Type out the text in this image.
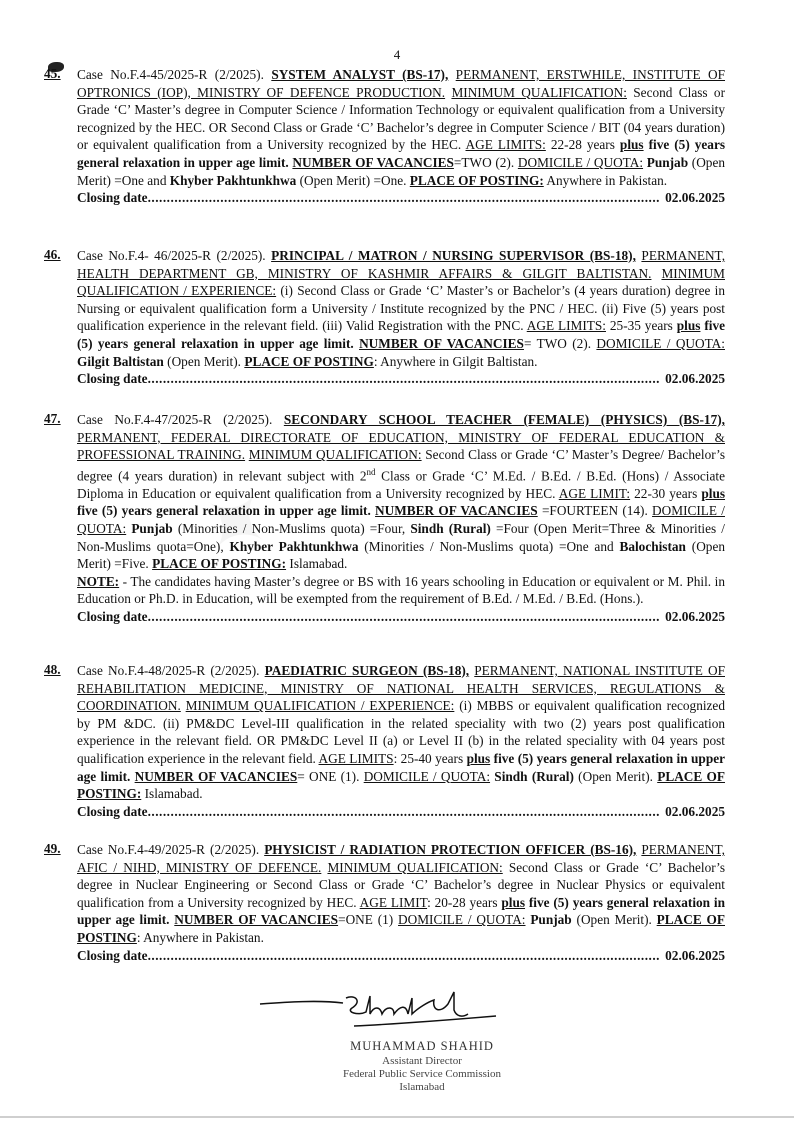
4
45. Case No.F.4-45/2025-R (2/2025). SYSTEM ANALYST (BS-17), PERMANENT, ERSTWHILE, INSTITUTE OF OPTRONICS (IOP), MINISTRY OF DEFENCE PRODUCTION. MINIMUM QUALIFICATION: Second Class or Grade ‘C’ Master’s degree in Computer Science / Information Technology or equivalent qualification from a University recognized by the HEC. OR Second Class or Grade ‘C’ Bachelor’s degree in Computer Science / BIT (04 years duration) or equivalent qualification from a University recognized by the HEC. AGE LIMITS: 22-28 years plus five (5) years general relaxation in upper age limit. NUMBER OF VACANCIES=TWO (2). DOMICILE / QUOTA: Punjab (Open Merit) =One and Khyber Pakhtunkhwa (Open Merit) =One. PLACE OF POSTING: Anywhere in Pakistan.
Closing date .....	02.06.2025
46. Case No.F.4- 46/2025-R (2/2025). PRINCIPAL / MATRON / NURSING SUPERVISOR (BS-18), PERMANENT, HEALTH DEPARTMENT GB, MINISTRY OF KASHMIR AFFAIRS & GILGIT BALTISTAN. MINIMUM QUALIFICATION / EXPERIENCE: (i) Second Class or Grade ‘C’ Master’s or Bachelor’s (4 years duration) degree in Nursing or equivalent qualification form a University / Institute recognized by the PNC / HEC. (ii) Five (5) years post qualification experience in the relevant field. (iii) Valid Registration with the PNC. AGE LIMITS: 25-35 years plus five (5) years general relaxation in upper age limit. NUMBER OF VACANCIES= TWO (2). DOMICILE / QUOTA: Gilgit Baltistan (Open Merit). PLACE OF POSTING: Anywhere in Gilgit Baltistan.
Closing date .....	02.06.2025
47. Case No.F.4-47/2025-R (2/2025). SECONDARY SCHOOL TEACHER (FEMALE) (PHYSICS) (BS-17), PERMANENT, FEDERAL DIRECTORATE OF EDUCATION, MINISTRY OF FEDERAL EDUCATION & PROFESSIONAL TRAINING. MINIMUM QUALIFICATION: Second Class or Grade ‘C’ Master’s Degree/ Bachelor’s degree (4 years duration) in relevant subject with 2nd Class or Grade ‘C’ M.Ed. / B.Ed. / B.Ed. (Hons) / Associate Diploma in Education or equivalent qualification from a University recognized by HEC. AGE LIMIT: 22-30 years plus five (5) years general relaxation in upper age limit. NUMBER OF VACANCIES =FOURTEEN (14). DOMICILE / QUOTA: Punjab (Minorities / Non-Muslims quota) =Four, Sindh (Rural) =Four (Open Merit=Three & Minorities / Non-Muslims quota=One), Khyber Pakhtunkhwa (Minorities / Non-Muslims quota) =One and Balochistan (Open Merit) =Five. PLACE OF POSTING: Islamabad.
NOTE: - The candidates having Master’s degree or BS with 16 years schooling in Education or equivalent or M. Phil. in Education or Ph.D. in Education, will be exempted from the requirement of B.Ed. / M.Ed. / B.Ed. (Hons.).
Closing date .....	02.06.2025
48. Case No.F.4-48/2025-R (2/2025). PAEDIATRIC SURGEON (BS-18), PERMANENT, NATIONAL INSTITUTE OF REHABILITATION MEDICINE, MINISTRY OF NATIONAL HEALTH SERVICES, REGULATIONS & COORDINATION. MINIMUM QUALIFICATION / EXPERIENCE: (i) MBBS or equivalent qualification recognized by PM &DC. (ii) PM&DC Level-III qualification in the related speciality with two (2) years post qualification experience in the relevant field. OR PM&DC Level II (a) or Level II (b) in the related speciality with 04 years post qualification experience in the relevant field. AGE LIMITS: 25-40 years plus five (5) years general relaxation in upper age limit. NUMBER OF VACANCIES= ONE (1). DOMICILE / QUOTA: Sindh (Rural) (Open Merit). PLACE OF POSTING: Islamabad.
Closing date .....	02.06.2025
49. Case No.F.4-49/2025-R (2/2025). PHYSICIST / RADIATION PROTECTION OFFICER (BS-16), PERMANENT, AFIC / NIHD, MINISTRY OF DEFENCE. MINIMUM QUALIFICATION: Second Class or Grade ‘C’ Bachelor’s degree in Nuclear Engineering or Second Class or Grade ‘C’ Bachelor’s degree in Nuclear Physics or equivalent qualification from a University recognized by HEC. AGE LIMIT: 20-28 years plus five (5) years general relaxation in upper age limit. NUMBER OF VACANCIES=ONE (1) DOMICILE / QUOTA: Punjab (Open Merit). PLACE OF POSTING: Anywhere in Pakistan.
Closing date .....	02.06.2025
Shahid
MUHAMMAD SHAHID
Assistant Director
Federal Public Service Commission
Islamabad
